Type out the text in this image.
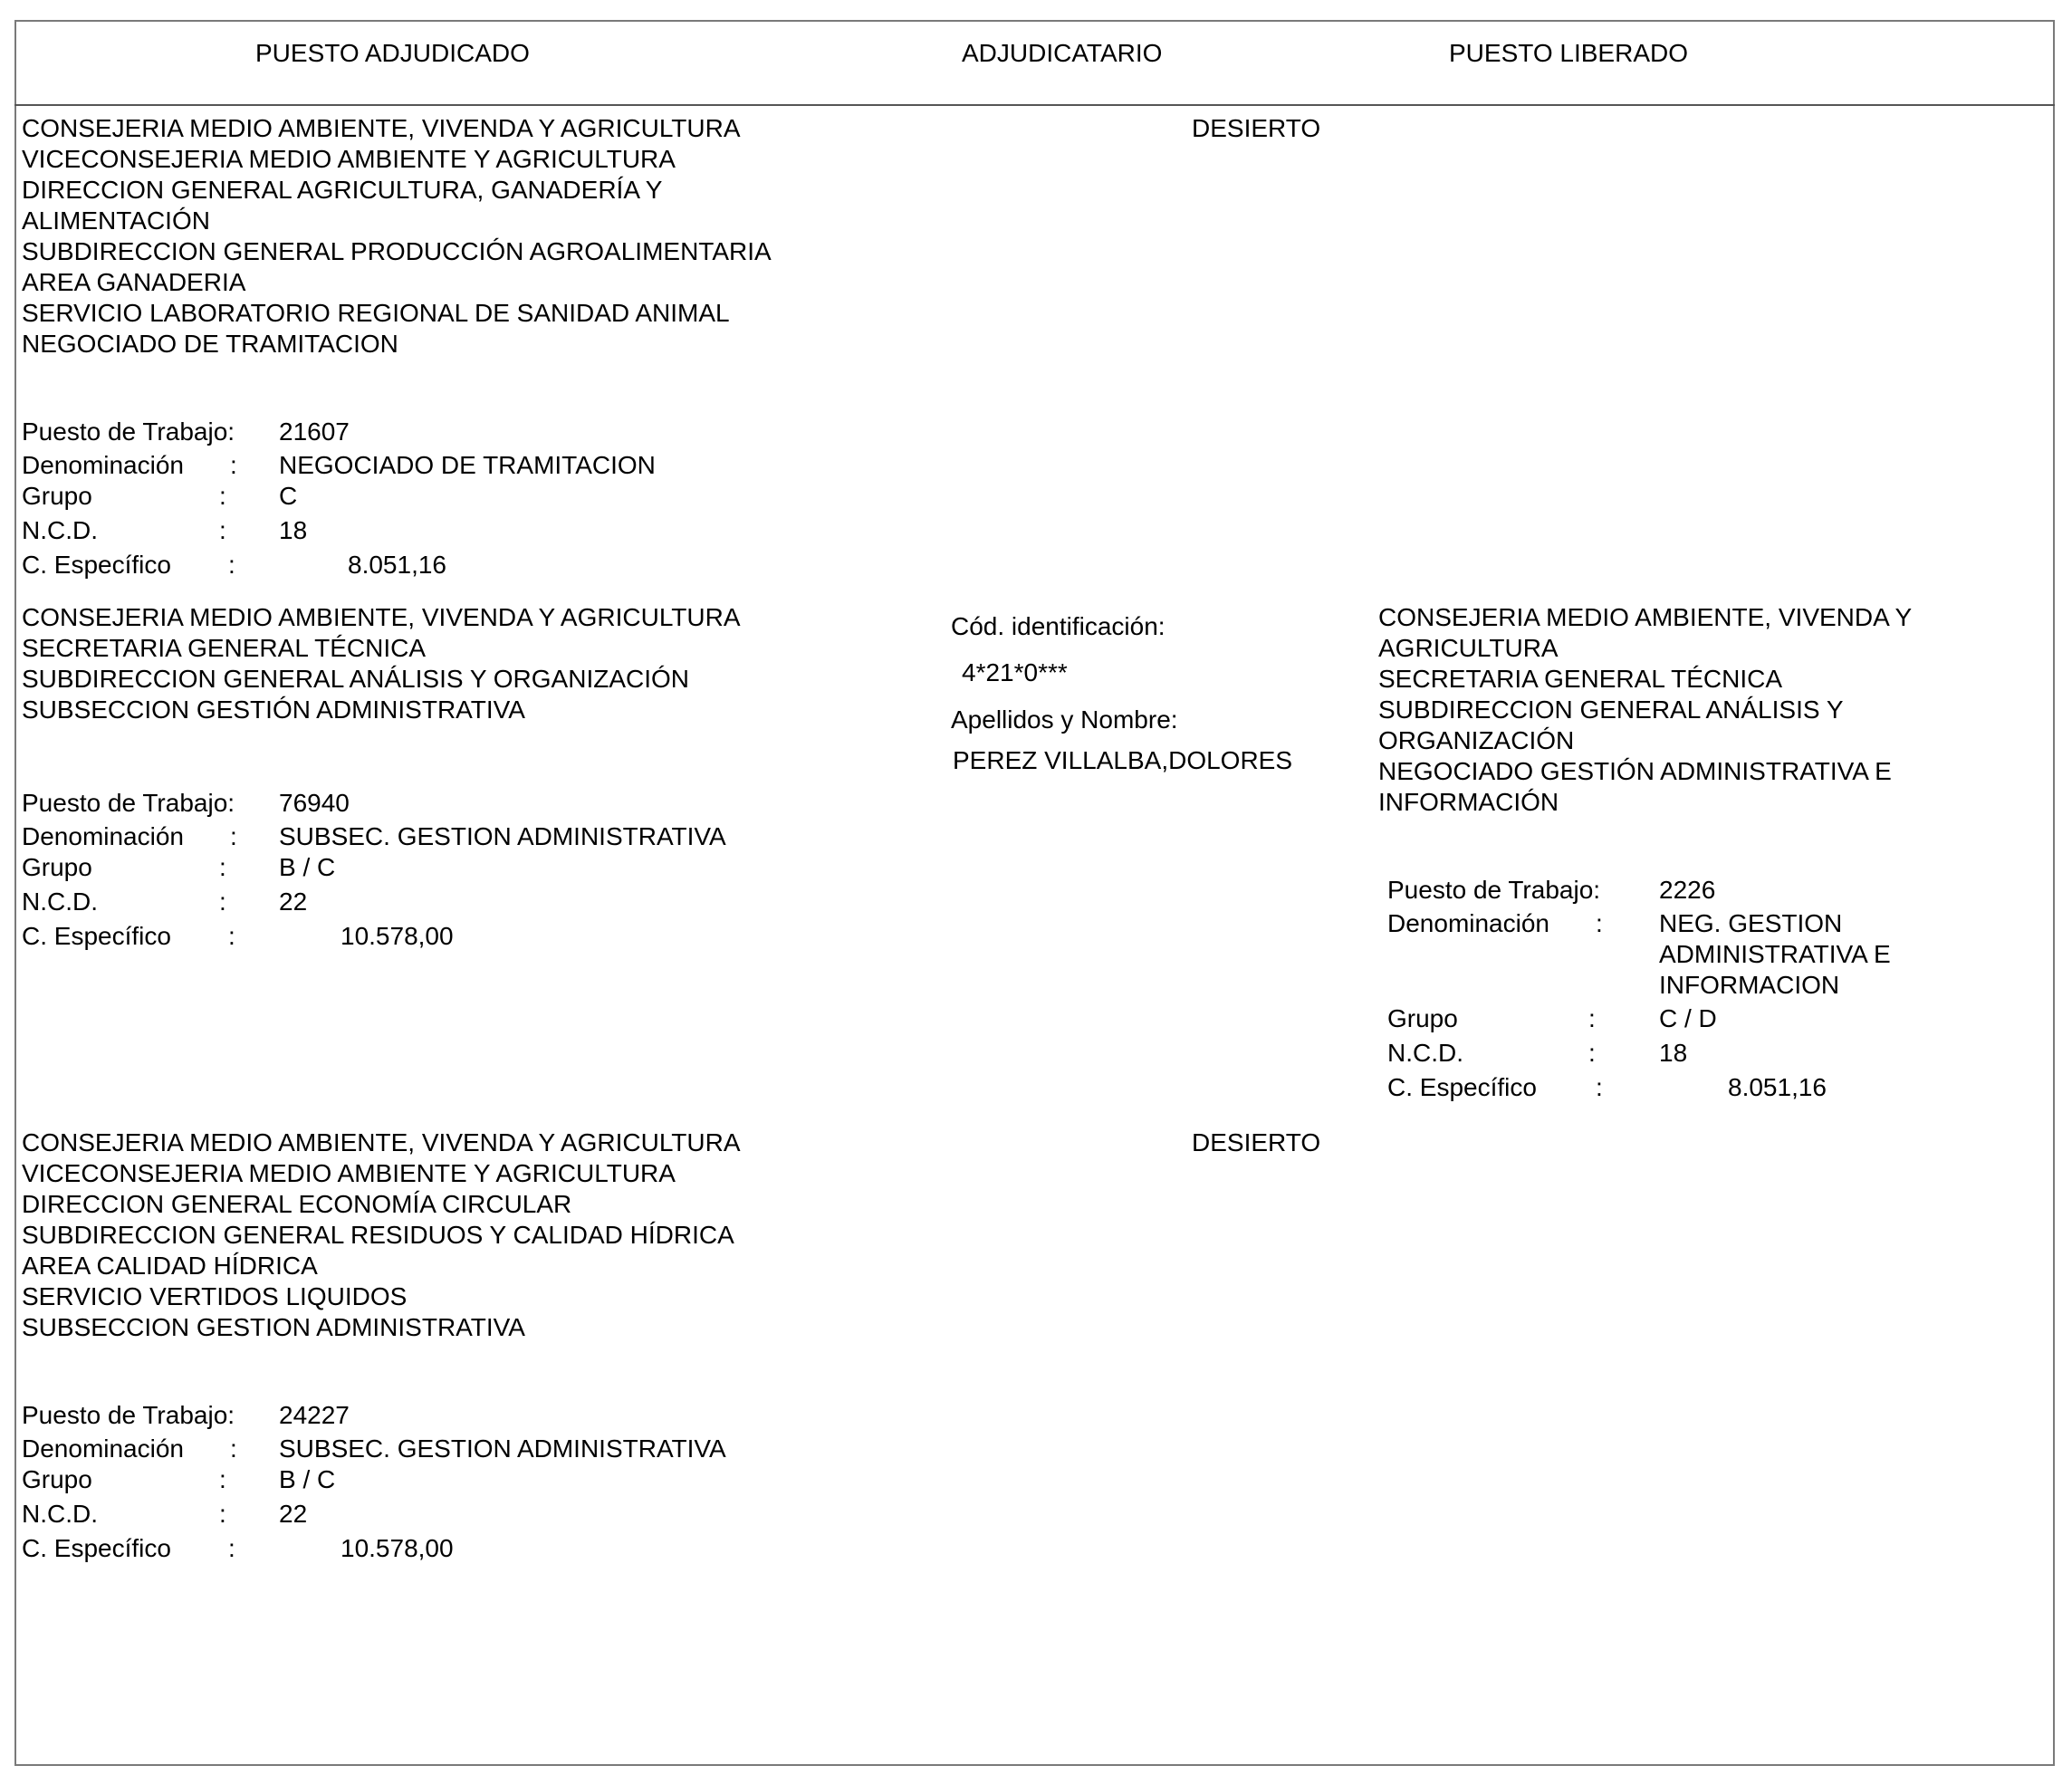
PUESTO ADJUDICADO	ADJUDICATARIO	PUESTO LIBERADO
CONSEJERIA MEDIO AMBIENTE, VIVENDA Y AGRICULTURA
VICECONSEJERIA MEDIO AMBIENTE Y AGRICULTURA
DIRECCION GENERAL AGRICULTURA, GANADERÍA Y
ALIMENTACIÓN
SUBDIRECCION GENERAL PRODUCCIÓN AGROALIMENTARIA
AREA GANADERIA
SERVICIO LABORATORIO REGIONAL DE SANIDAD ANIMAL
NEGOCIADO DE TRAMITACION
Puesto de Trabajo: 21607
Denominación : NEGOCIADO DE TRAMITACION
Grupo	: C
N.C.D.	: 18
C. Específico :	8.051,16
DESIERTO
CONSEJERIA MEDIO AMBIENTE, VIVENDA Y AGRICULTURA
SECRETARIA GENERAL TÉCNICA
SUBDIRECCION GENERAL ANÁLISIS Y ORGANIZACIÓN
SUBSECCION GESTIÓN ADMINISTRATIVA
Puesto de Trabajo: 76940
Denominación : SUBSEC. GESTION ADMINISTRATIVA
Grupo	: B / C
N.C.D.	: 22
C. Específico :	10.578,00
Cód. identificación:
4*21*0***
Apellidos y Nombre:
PEREZ VILLALBA,DOLORES
CONSEJERIA MEDIO AMBIENTE, VIVENDA Y
AGRICULTURA
SECRETARIA GENERAL TÉCNICA
SUBDIRECCION GENERAL ANÁLISIS Y
ORGANIZACIÓN
NEGOCIADO GESTIÓN ADMINISTRATIVA E
INFORMACIÓN
Puesto de Trabajo: 2226
Denominación : NEG. GESTION
ADMINISTRATIVA E
INFORMACION
Grupo	:	C / D
N.C.D.	:	18
C. Específico :	8.051,16
CONSEJERIA MEDIO AMBIENTE, VIVENDA Y AGRICULTURA
VICECONSEJERIA MEDIO AMBIENTE Y AGRICULTURA
DIRECCION GENERAL ECONOMÍA CIRCULAR
SUBDIRECCION GENERAL RESIDUOS Y CALIDAD HÍDRICA
AREA CALIDAD HÍDRICA
SERVICIO VERTIDOS LIQUIDOS
SUBSECCION GESTION ADMINISTRATIVA
Puesto de Trabajo: 24227
Denominación : SUBSEC. GESTION ADMINISTRATIVA
Grupo	: B / C
N.C.D.	: 22
C. Específico :	10.578,00
DESIERTO
